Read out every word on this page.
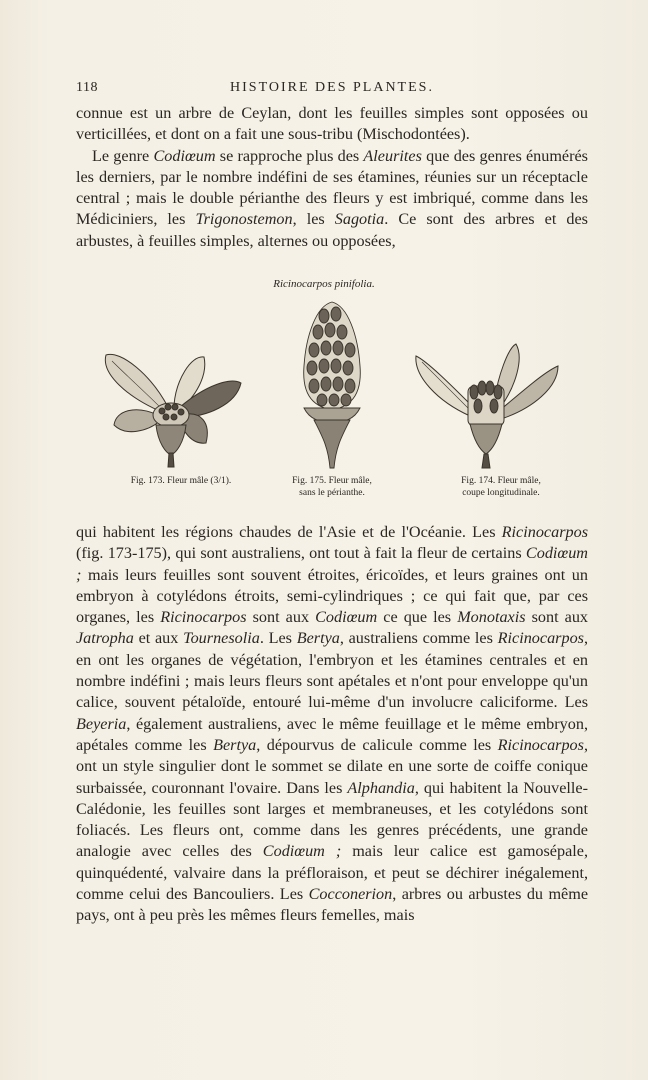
118	HISTOIRE DES PLANTES.

connue est un arbre de Ceylan, dont les feuilles simples sont opposées ou verticillées, et dont on a fait une sous-tribu (Mischodontées).

Le genre Codiœum se rapproche plus des Aleurites que des genres énumérés les derniers, par le nombre indéfini de ses étamines, réunies sur un réceptacle central ; mais le double périanthe des fleurs y est imbriqué, comme dans les Médiciniers, les Trigonostemon, les Sagotia. Ce sont des arbres et des arbustes, à feuilles simples, alternes ou opposées,

Ricinocarpos pinifolia.
Fig. 173. Fleur mâle (3/1).	Fig. 175. Fleur mâle,
sans le périanthe.
Fig. 174. Fleur mâle,
coupe longitudinale.

qui habitent les régions chaudes de l'Asie et de l'Océanie. Les Ricinocarpos (fig. 173-175), qui sont australiens, ont tout à fait la fleur de certains Codiœum ; mais leurs feuilles sont souvent étroites, éricoïdes, et leurs graines ont un embryon à cotylédons étroits, semi-cylindriques ; ce qui fait que, par ces organes, les Ricinocarpos sont aux Codiœum ce que les Monotaxis sont aux Jatropha et aux Tournesolia. Les Bertya, australiens comme les Ricinocarpos, en ont les organes de végétation, l'embryon et les étamines centrales et en nombre indéfini ; mais leurs fleurs sont apétales et n'ont pour enveloppe qu'un calice, souvent pétaloïde, entouré lui-même d'un involucre caliciforme. Les Beyeria, également australiens, avec le même feuillage et le même embryon, apétales comme les Bertya, dépourvus de calicule comme les Ricinocarpos, ont un style singulier dont le sommet se dilate en une sorte de coiffe conique surbaissée, couronnant l'ovaire. Dans les Alphandia, qui habitent la Nouvelle-Calédonie, les feuilles sont larges et membraneuses, et les cotylédons sont foliacés. Les fleurs ont, comme dans les genres précédents, une grande analogie avec celles des Codiœum ; mais leur calice est gamosépale, quinquédenté, valvaire dans la préfloraison, et peut se déchirer inégalement, comme celui des Bancouliers. Les Cocconerion, arbres ou arbustes du même pays, ont à peu près les mêmes fleurs femelles, mais
